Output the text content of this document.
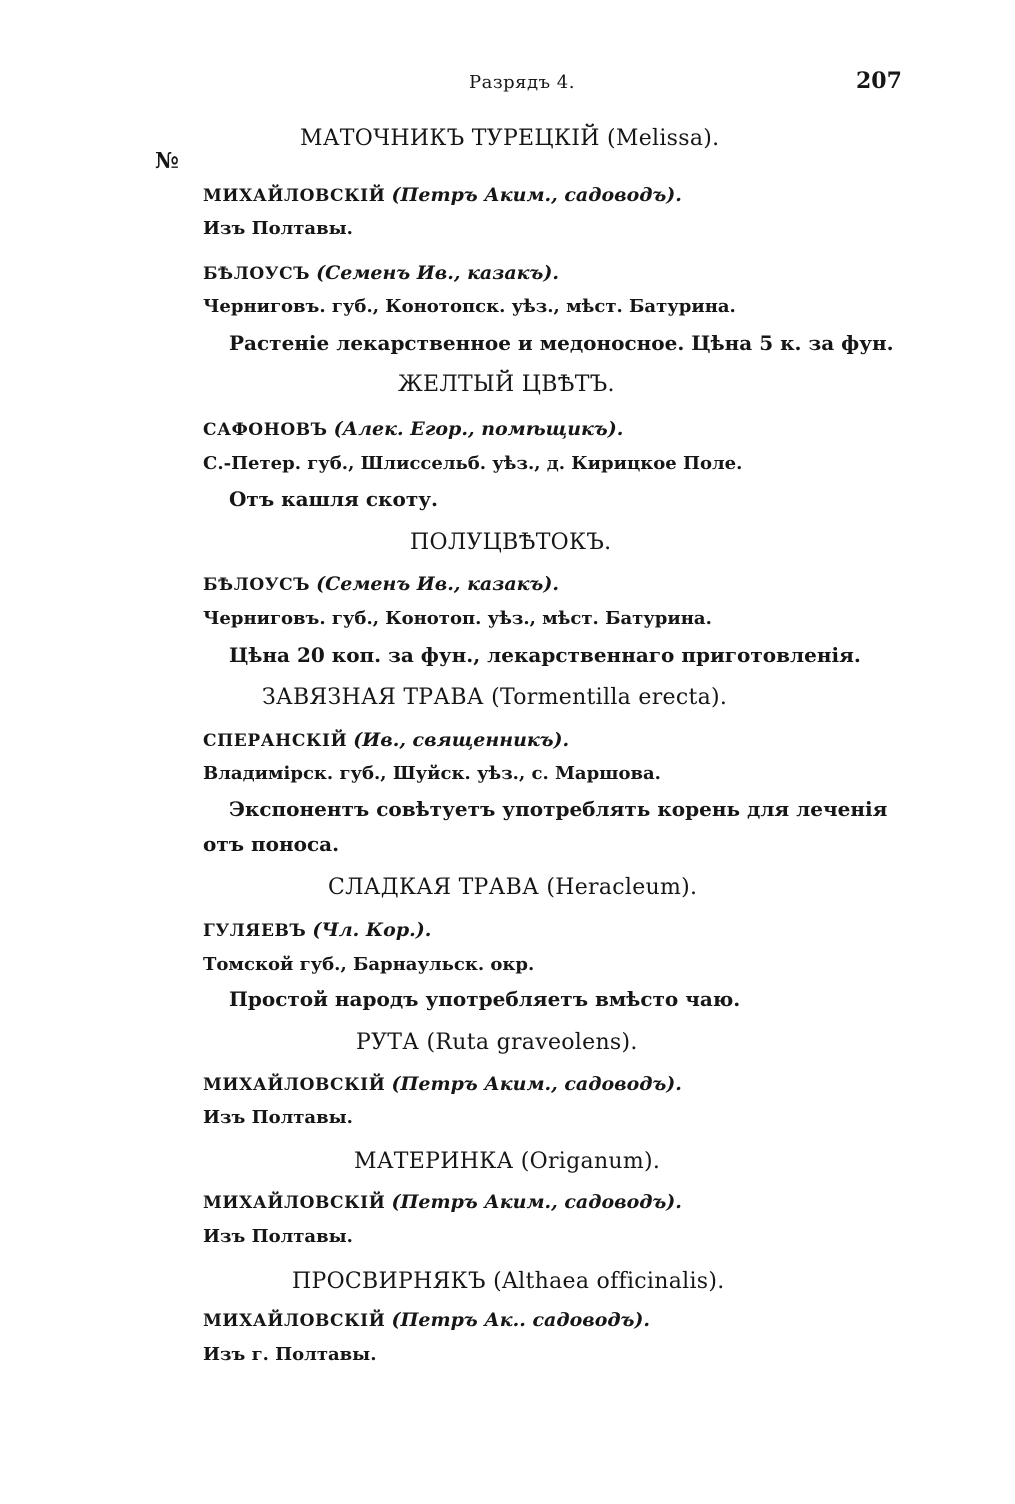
Разрядъ 4.	207
№
МАТОЧНИКЪ ТУРЕЦКІЙ (Melissa).
МИХАЙЛОВСКІЙ (Петръ Аким., садоводъ).
Изъ Полтавы.
БѢЛОУСЪ (Семенъ Ив., казакъ).
Черниговъ. губ., Конотопск. уѣз., мѣст. Батурина.
Растеніе лекарственное и медоносное. Цѣна 5 к. за фун.
ЖЕЛТЫЙ ЦВѢТЪ.
САФОНОВЪ (Алек. Егор., помѣщикъ).
С.-Петер. губ., Шлиссельб. уѣз., д. Кирицкое Поле.
Отъ кашля скоту.
ПОЛУЦВѢТОКЪ.
БѢЛОУСЪ (Семенъ Ив., казакъ).
Черниговъ. губ., Конотоп. уѣз., мѣст. Батурина.
Цѣна 20 коп. за фун., лекарственнаго приготовленія.
ЗАВЯЗНАЯ ТРАВА (Tormentilla erecta).
СПЕРАНСКІЙ (Ив., священникъ).
Владимірск. губ., Шуйск. уѣз., с. Маршова.
Экспонентъ совѣтуетъ употреблять корень для леченія
отъ поноса.
СЛАДКАЯ ТРАВА (Heracleum).
ГУЛЯЕВЪ (Чл. Кор.).
Томской губ., Барнаульск. окр.
Простой народъ употребляетъ вмѣсто чаю.
РУТА (Ruta graveolens).
МИХАЙЛОВСКІЙ (Петръ Аким., садоводъ).
Изъ Полтавы.
МАТЕРИНКА (Origanum).
МИХАЙЛОВСКІЙ (Петръ Аким., садоводъ).
Изъ Полтавы.
ПРОСВИРНЯКЪ (Althaea officinalis).
МИХАЙЛОВСКІЙ (Петръ Ак.. садоводъ).
Изъ г. Полтавы.
